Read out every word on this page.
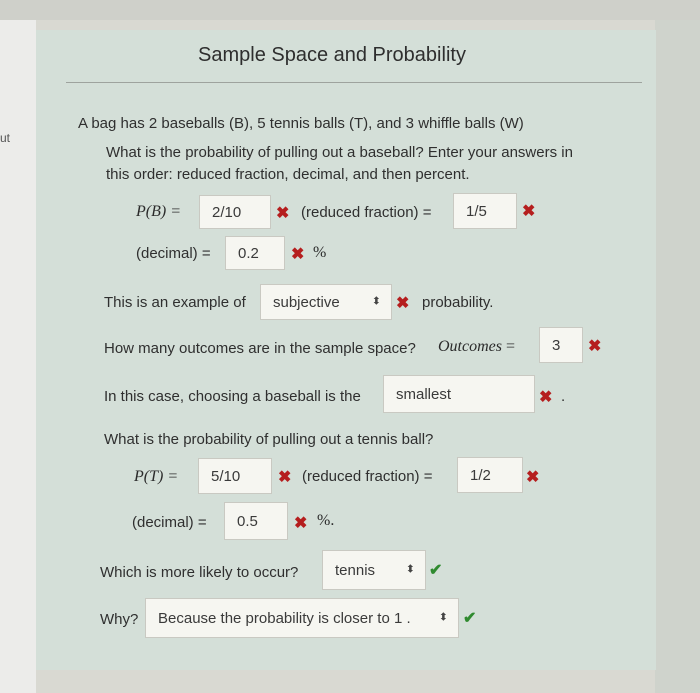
ut
Sample Space and Probability
A bag has 2 baseballs (B), 5 tennis balls (T), and 3 whiffle balls (W)
What is the probability of pulling out a baseball? Enter your answers in
this order: reduced fraction, decimal, and then percent.
P(B) =	2/10	✖ (reduced fraction) =	1/5	✖
(decimal) =	0.2	✖ %
This is an example of subjective	⬍ ✖ probability.
How many outcomes are in the sample space? Outcomes =	3	✖
In this case, choosing a baseball is the	smallest	✖ .
What is the probability of pulling out a tennis ball?
P(T) =	5/10	✖ (reduced fraction) =	1/2	✖
(decimal) =	0.5	✖ %.
Which is more likely to occur? tennis	⬍ ✔
Why? Because the probability is closer to 1 .	⬍ ✔
